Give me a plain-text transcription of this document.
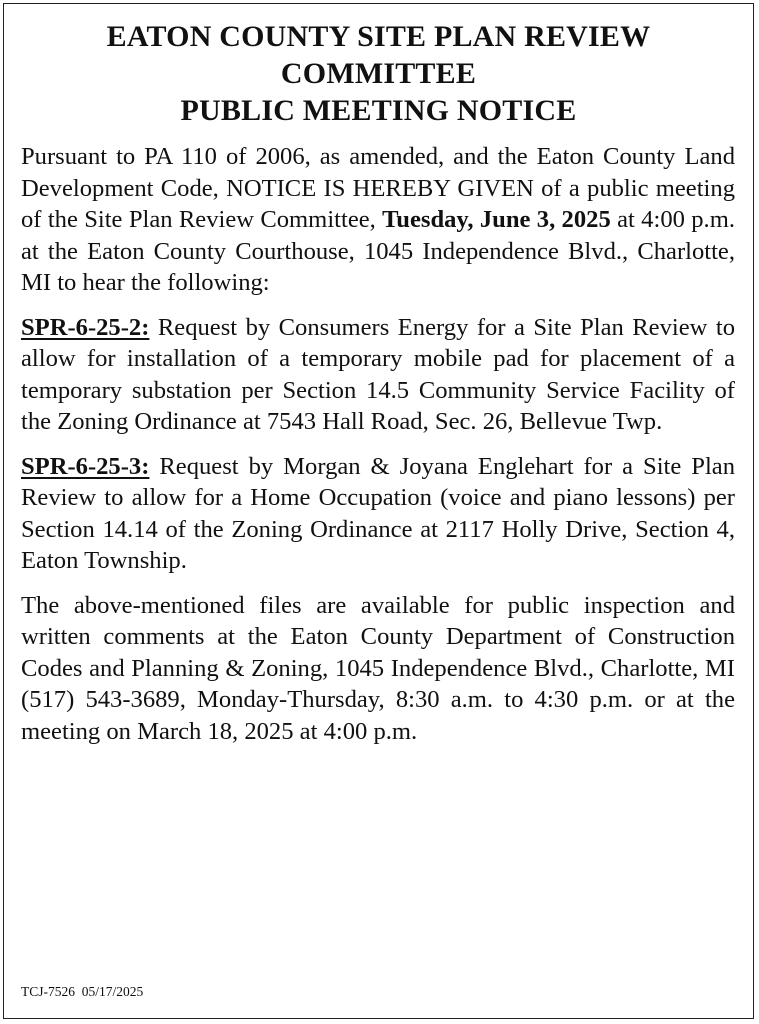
EATON COUNTY SITE PLAN REVIEW
COMMITTEE
PUBLIC MEETING NOTICE

Pursuant to PA 110 of 2006, as amended, and the Eaton County Land Development Code, NOTICE IS HEREBY GIVEN of a public meeting of the Site Plan Review Committee, Tuesday, June 3, 2025 at 4:00 p.m. at the Eaton County Courthouse, 1045 Independence Blvd., Charlotte, MI to hear the following:

SPR-6-25-2: Request by Consumers Energy for a Site Plan Review to allow for installation of a temporary mobile pad for placement of a temporary substation per Section 14.5 Community Service Facility of the Zoning Ordinance at 7543 Hall Road, Sec. 26, Bellevue Twp.

SPR-6-25-3: Request by Morgan & Joyana Englehart for a Site Plan Review to allow for a Home Occupation (voice and piano lessons) per Section 14.14 of the Zoning Ordinance at 2117 Holly Drive, Section 4, Eaton Township.

The above-mentioned files are available for public inspection and written comments at the Eaton County Department of Construction Codes and Planning & Zoning, 1045 Independence Blvd., Charlotte, MI (517) 543-3689, Monday-Thursday, 8:30 a.m. to 4:30 p.m. or at the meeting on March 18, 2025 at 4:00 p.m.

TCJ-7526  05/17/2025
